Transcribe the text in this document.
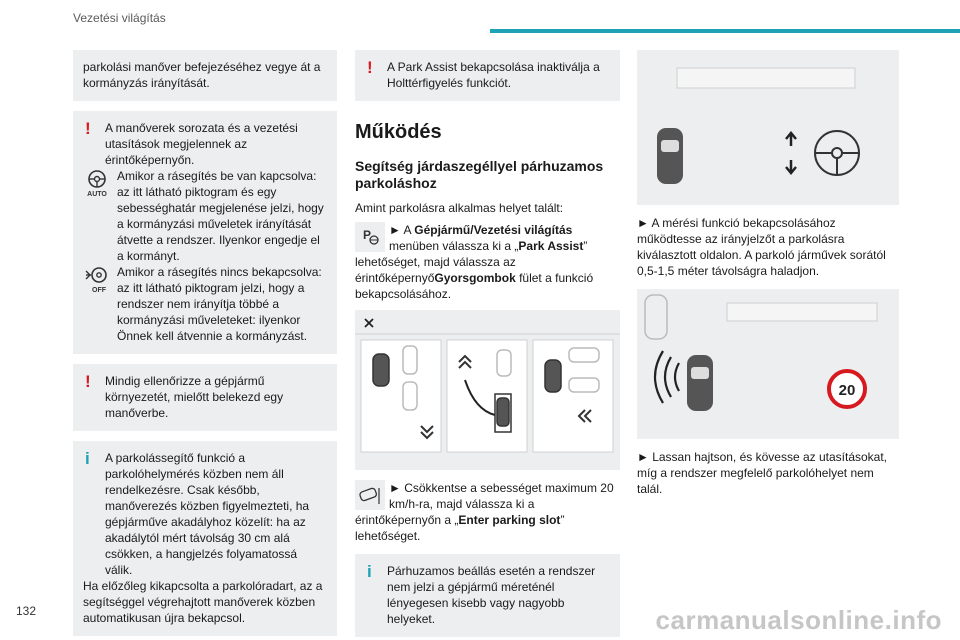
Vezetési világítás
parkolási manőver befejezéséhez vegye át a kormányzás irányítását.
!	A manőverek sorozata és a vezetési utasítások megjelennek az érintőképernyőn.
AUTO
Amikor a rásegítés be van kapcsolva: az itt látható piktogram és egy sebességhatár megjelenése jelzi, hogy a kormányzási műveletek irányítását átvette a rendszer. Ilyenkor engedje el a kormányt.
OFF
Amikor a rásegítés nincs bekapcsolva: az itt látható piktogram jelzi, hogy a rendszer nem irányítja többé a kormányzási műveleteket: ilyenkor Önnek kell átvennie a kormányzást.
!	Mindig ellenőrizze a gépjármű környezetét, mielőtt belekezd egy manőverbe.
i	A parkolássegítő funkció a parkolóhelymérés közben nem áll rendelkezésre. Csak később, manőverezés közben figyelmezteti, ha gépjárműve akadályhoz közelít: ha az akadálytól mért távolság 30 cm alá csökken, a hangjelzés folyamatossá válik.
Ha előzőleg kikapcsolta a parkolóradart, az a segítséggel végrehajtott manőverek közben automatikusan újra bekapcsol.
!	A Park Assist bekapcsolása inaktiválja a Holttérfigyelés funkciót.
Működés
Segítség járdaszegéllyel párhuzamos parkoláshoz

Amint parkolásra alkalmas helyet talált:

P ► A Gépjármű/Vezetési világítás menüben válassza ki a „Park Assist” lehetőséget, majd válassza az érintőképernyőGyorsgombok fület a funkció bekapcsolásához.
► Csökkentse a sebességet maximum 20 km/h-ra, majd válassza ki a érintőképernyőn a „Enter parking slot” lehetőséget.
i	Párhuzamos beállás esetén a rendszer nem jelzi a gépjármű méreténél lényegesen kisebb vagy nagyobb helyeket.

► A mérési funkció bekapcsolásához működtesse az irányjelzőt a parkolásra kiválasztott oldalon. A parkoló járművek sorától 0,5-1,5 méter távolságra haladjon.

20

► Lassan hajtson, és kövesse az utasításokat, míg a rendszer megfelelő parkolóhelyet nem talál.

132	carmanualsonline.info
